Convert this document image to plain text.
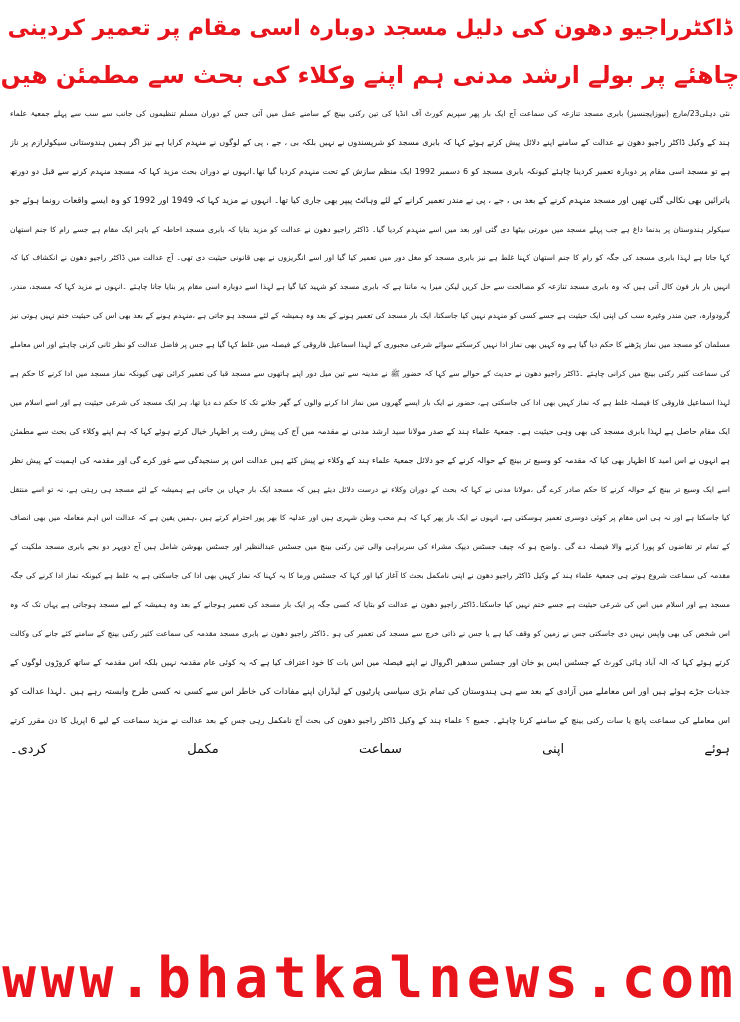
ڈاکٹرراجیو دھون کی دلیل مسجد دوبارہ اسی مقام پر تعمیر کردینی
چاھئے پر بولے ارشد مدنی ہم اپنے وکلاء کی بحث سے مطمئن ھیں
نئی دہلی23/مارچ (نیوزایجنسیز) بابری مسجد تنازعہ کی سماعت آج ایک بار پھر سپریم کورٹ آف انڈیا کی تین رکنی بینچ کے سامنے عمل میں آئی جس کے دوران مسلم تنظیموں کی جانب سے سب سے پہلے جمعیۃ علماء
ہند کے وکیل ڈاکٹر راجیو دھون نے عدالت کے سامنے اپنے دلائل پیش کرتے ہوئے کہا کہ بابری مسجد کو شرپسندوں نے نہیں بلکہ بی ، جے ، پی کے لوگوں نے منہدم کرایا ہے نیز اگر ہمیں ہندوستانی سیکولرازم پر ناز
ہے تو مسجد اسی مقام پر دوبارہ تعمیر کردینا چاہئے کیونکہ بابری مسجد کو 6 دسمبر 1992 ایک منظم سازش کے تحت منہدم کردیا گیا تھا۔انہوں نے دوران بحث مزید کہا کہ مسجد منہدم کرنے سے قبل دو دورتھ
یاترائیں بھی نکالی گئی تھیں اور مسجد منہدم کرنے کے بعد بی ، جے ، پی نے مندر تعمیر کرانے کے لئے وہائٹ پیپر بھی جاری کیا تھا۔ انہوں نے مزید کہا کہ 1949 اور 1992 کو وہ ایسے واقعات رونما ہوئے جو
سیکولر ہندوستان پر بدنما داغ ہے جب پہلے مسجد میں مورتی بیٹھا دی گئی اور بعد میں اسے منہدم کردیا گیا۔ ڈاکٹر راجیو دھون نے عدالت کو مزید بتایا کہ بابری مسجد احاطہ کے باہر ایک مقام ہے جسے رام کا جنم استھان
کہا جاتا ہے لہذا بابری مسجد کی جگہ کو رام کا جنم استھان کہنا غلط ہے نیز بابری مسجد کو مغل دور میں تعمیر کیا گیا اور اسے انگریزوں نے بھی قانونی حیثیت دی تھی۔ آج عدالت میں ڈاکٹر راجیو دھون نے انکشاف کیا کہ
انہیں بار بار فون کال آتی ہیں کہ وہ بابری مسجد تنازعہ کو مصالحت سے حل کریں لیکن میرا یہ ماننا ہے کہ بابری مسجد کو شہید کیا گیا ہے لہذا اسے دوبارہ اسی مقام پر بنایا جانا چاہئے ۔انہوں نے مزید کہا کہ مسجد، مندر،
گرودوارہ، جین مندر وغیرہ سب کی اپنی ایک حیثیت ہے جسے کسی کو منہدم نہیں کیا جاسکتا، ایک بار مسجد کی تعمیر ہونے کے بعد وہ ہمیشہ کے لئے مسجد ہو جاتی ہے ،منہدم ہونے کے بعد بھی اس کی حیثیت ختم نہیں ہوتی نیز
مسلمان کو مسجد میں نماز پڑھنے کا حکم دیا گیا ہے وہ کہیں بھی نماز ادا نہیں کرسکتے سوائے شرعی مجبوری کے لہذا اسماعیل فاروقی کے فیصلہ میں غلط کہا گیا ہے جس پر فاضل عدالت کو نظر ثانی کرنی چاہئے اور اس معاملے
کی سماعت کثیر رکنی بینچ میں کرانی چاہئے ۔ڈاکٹر راجیو دھون نے حدیث کے حوالے سے کہا کہ حضور ﷺ نے مدینہ سے تین میل دور اپنے ہاتھوں سے مسجد قبا کی تعمیر کرائی تھی کیونکہ نماز مسجد میں ادا کرنے کا حکم ہے
لہذا اسماعیل فاروقی کا فیصلہ غلط ہے کہ نماز کہیں بھی ادا کی جاسکتی ہے، حضور نے ایک بار ایسے گھروں میں نماز ادا کرنے والوں کے گھر جلانے تک کا حکم دے دیا تھا، ہر ایک مسجد کی شرعی حیثیت ہے اور اسے اسلام میں
ایک مقام حاصل ہے لہذا بابری مسجد کی بھی وہی حیثیت ہے۔ جمعیۃ علماء ہند کے صدر مولانا سید ارشد مدنی نے مقدمہ میں آج کی پیش رفت پر اظہار خیال کرتے ہوئے کہا کہ ہم اپنے وکلاء کی بحث سے مطمئن
ہے انہوں نے اس امید کا اظہار بھی کیا کہ مقدمہ کو وسیع تر بینچ کے حوالہ کرنے کے جو دلائل جمعیۃ علماء ہند کے وکلاء نے پیش کئے ہیں عدالت اس پر سنجیدگی سے غور کرے گی اور مقدمہ کی اہمیت کے پیش نظر
اسے ایک وسیع تر بینچ کے حوالہ کرنے کا حکم صادر کرے گی ،مولانا مدنی نے کہا کہ بحث کے دوران وکلاء نے درست دلائل دیئے ہیں کہ مسجد ایک بار جہاں بن جاتی ہے ہمیشہ کے لئے مسجد ہی رہتی ہے، نہ تو اسے منتقل
کیا جاسکتا ہے اور نہ ہی اس مقام پر کوئی دوسری تعمیر ہوسکتی ہے، انہوں نے ایک بار پھر کہا کہ ہم محب وطن شہری ہیں اور عدلیہ کا بھر پور احترام کرتے ہیں ،ہمیں یقین ہے کہ عدالت اس اہم معاملہ میں بھی انصاف
کے تمام تر تقاضوں کو پورا کرنے والا فیصلہ دے گی ۔واضح ہو کہ چیف جسٹس دیپک مشراء کی سربراہی والی تین رکنی بینچ میں جسٹس عبدالنظیر اور جسٹس بھوشن شامل ہیں آج دوپہر دو بجے بابری مسجد ملکیت کے
مقدمہ کی سماعت شروع ہوتے ہی جمعیۃ علماء ہند کے وکیل ڈاکٹر راجیو دھون نے اپنی نامکمل بحث کا آغاز کیا اور کہا کہ جسٹس ورما کا یہ کہنا کہ نماز کہیں بھی ادا کی جاسکتی ہے یہ غلط ہے کیونکہ نماز ادا کرنے کی جگہ
مسجد ہے اور اسلام میں اس کی شرعی حیثیت ہے جسے ختم نہیں کیا جاسکتا۔ڈاکٹر راجیو دھون نے عدالت کو بتایا کہ کسی جگہ پر ایک بار مسجد کی تعمیر ہوجانے کے بعد وہ ہمیشہ کے لیے مسجد ہوجاتی ہے یہاں تک کہ وہ
اس شخص کی بھی واپس نہیں دی جاسکتی جس نے زمین کو وقف کیا ہے یا جس نے ذاتی خرچ سے مسجد کی تعمیر کی ہو ۔ڈاکٹر راجیو دھون نے بابری مسجد مقدمہ کی سماعت کثیر رکنی بینچ کے سامنے کئے جانے کی وکالت
کرتے ہوئے کہا کہ الہ آباد ہائی کورٹ کے جسٹس ایس یو خان اور جسٹس سدھیر اگروال نے اپنے فیصلہ میں اس بات کا خود اعتراف کیا ہے کہ یہ کوئی عام مقدمہ نہیں بلکہ اس مقدمہ کے ساتھ کروڑوں لوگوں کے
جذبات جڑے ہوئے ہیں اور اس معاملے میں آزادی کے بعد سے ہی ہندوستان کی تمام بڑی سیاسی پارٹیوں کے لیڈران اپنے مفادات کی خاطر اس سے کسی نہ کسی طرح وابستہ رہے ہیں ۔لہذا عدالت کو
اس معاملے کی سماعت پانچ یا سات رکنی بینچ کے سامنے کرنا چاہئے۔ جمیع ؟ علماء ہند کے وکیل ڈاکٹر راجیو دھون کی بحث آج نامکمل رہی جس کے بعد عدالت نے مزید سماعت کے لیے 6 اپریل کا دن مقرر کرتے
ہوئے اپنی سماعت مکمل کردی۔
www.bhatkalnews.com
